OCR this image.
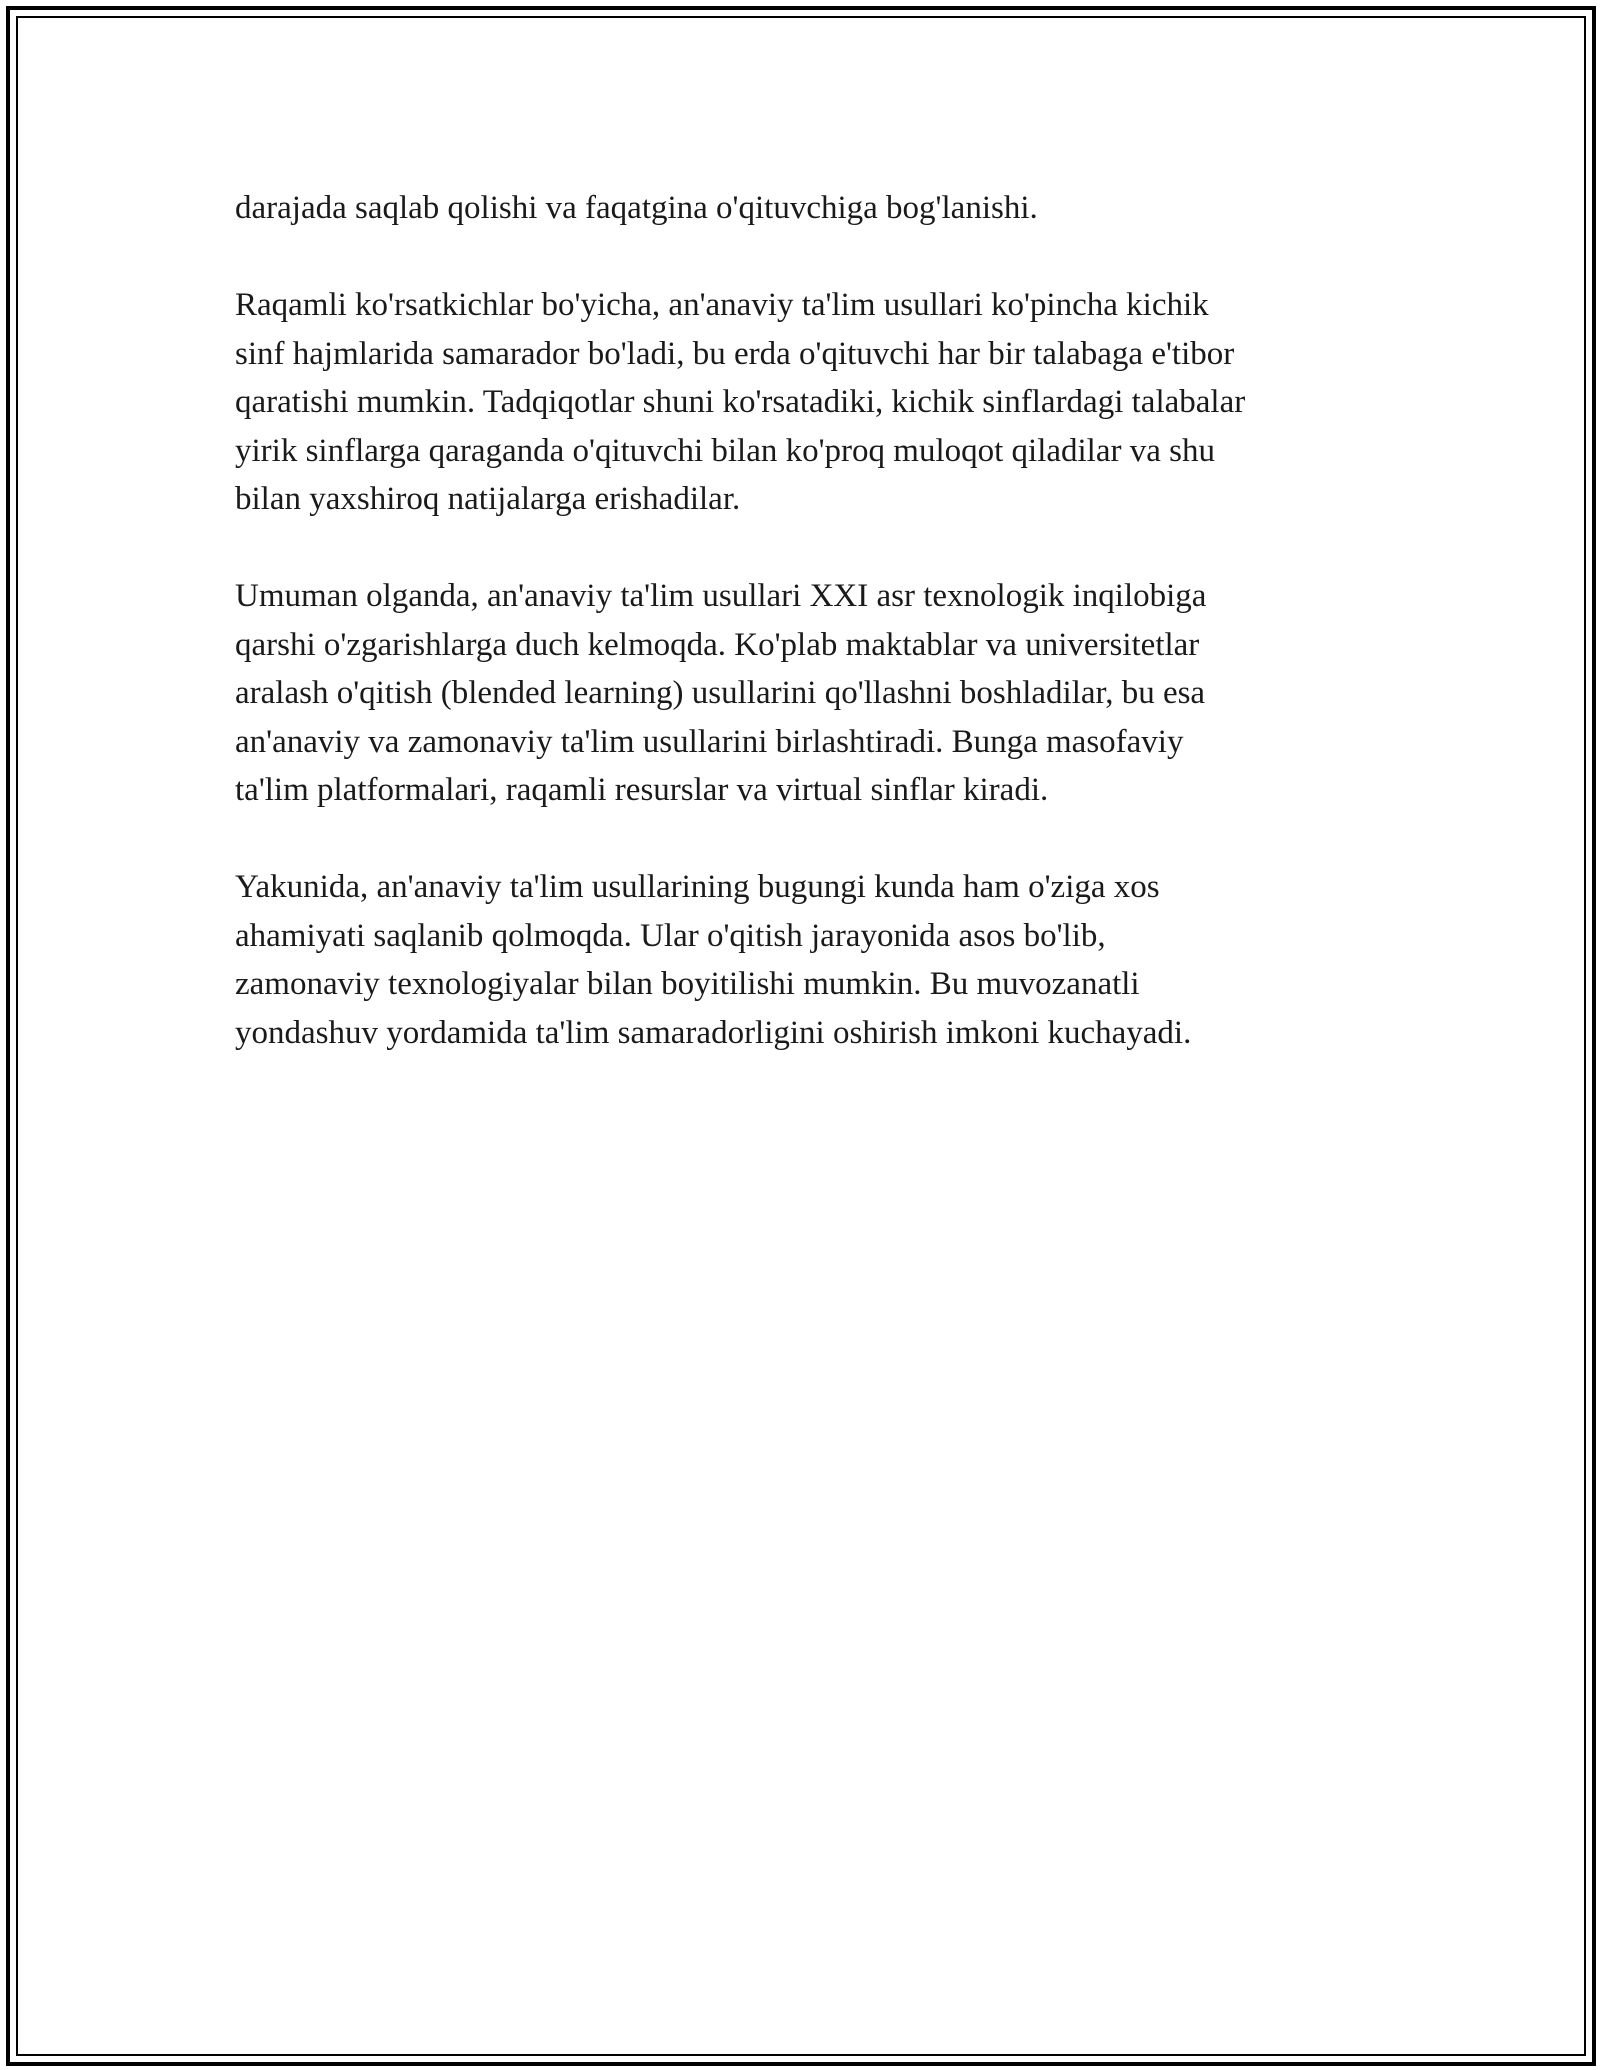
darajada saqlab qolishi va faqatgina o'qituvchiga bog'lanishi.

Raqamli ko'rsatkichlar bo'yicha, an'anaviy ta'lim usullari ko'pincha kichik
sinf hajmlarida samarador bo'ladi, bu erda o'qituvchi har bir talabaga e'tibor
qaratishi mumkin. Tadqiqotlar shuni ko'rsatadiki, kichik sinflardagi talabalar
yirik sinflarga qaraganda o'qituvchi bilan ko'proq muloqot qiladilar va shu
bilan yaxshiroq natijalarga erishadilar.

Umuman olganda, an'anaviy ta'lim usullari XXI asr texnologik inqilobiga
qarshi o'zgarishlarga duch kelmoqda. Ko'plab maktablar va universitetlar
aralash o'qitish (blended learning) usullarini qo'llashni boshladilar, bu esa
an'anaviy va zamonaviy ta'lim usullarini birlashtiradi. Bunga masofaviy
ta'lim platformalari, raqamli resurslar va virtual sinflar kiradi.

Yakunida, an'anaviy ta'lim usullarining bugungi kunda ham o'ziga xos
ahamiyati saqlanib qolmoqda. Ular o'qitish jarayonida asos bo'lib,
zamonaviy texnologiyalar bilan boyitilishi mumkin. Bu muvozanatli
yondashuv yordamida ta'lim samaradorligini oshirish imkoni kuchayadi.
